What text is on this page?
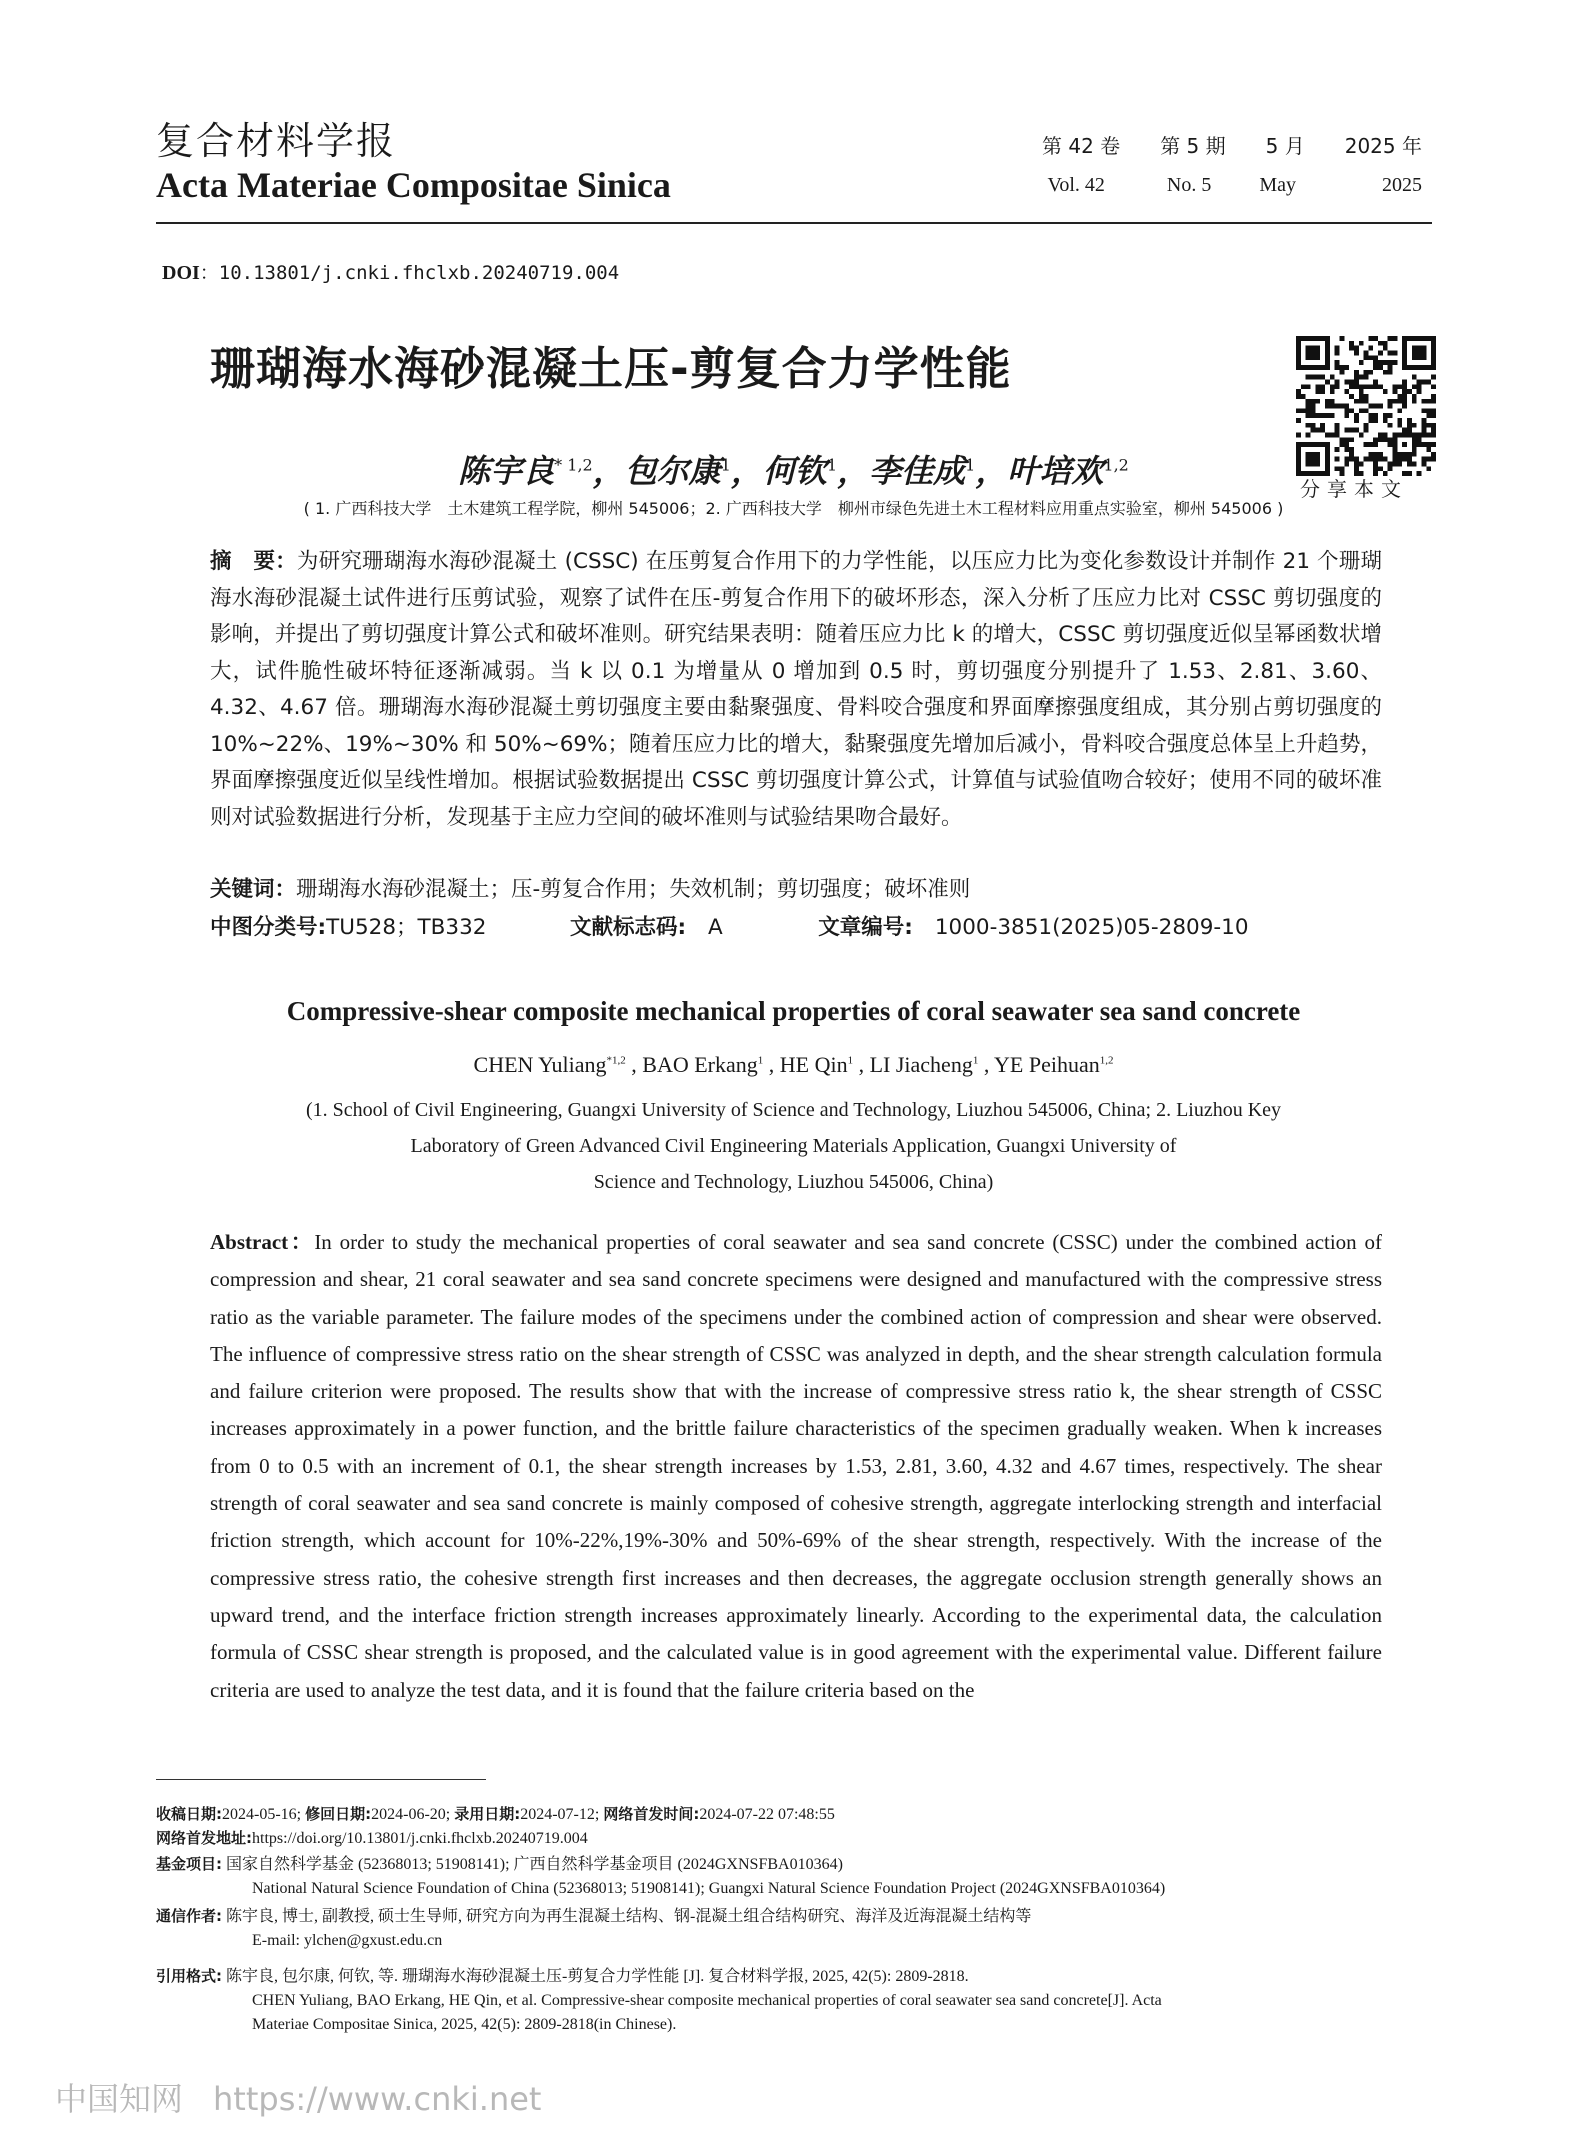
复合材料学报
Acta Materiae Compositae Sinica
第 42 卷 第 5 期 5 月 2025 年
Vol. 42	No. 5 May	2025
DOI：10.13801/j.cnki.fhclxb.20240719.004
珊瑚海水海砂混凝土压-剪复合力学性能
分享本文
陈宇良$^{* 1,2}$，包尔康$^1$，何钦$^1$，李佳成$^1$，叶培欢$^{1,2}$
( 1. 广西科技大学　土木建筑工程学院，柳州 545006；2. 广西科技大学　柳州市绿色先进土木工程材料应用重点实验室，柳州 545006 )
摘　要：为研究珊瑚海水海砂混凝土 (CSSC) 在压剪复合作用下的力学性能，以压应力比为变化参数设计并制作 21 个珊瑚海水海砂混凝土试件进行压剪试验，观察了试件在压-剪复合作用下的破坏形态，深入分析了压应力比对 CSSC 剪切强度的影响，并提出了剪切强度计算公式和破坏准则。研究结果表明：随着压应力比 k 的增大，CSSC 剪切强度近似呈幂函数状增大，试件脆性破坏特征逐渐减弱。当 k 以 0.1 为增量从 0 增加到 0.5 时，剪切强度分别提升了 1.53、2.81、3.60、4.32、4.67 倍。珊瑚海水海砂混凝土剪切强度主要由黏聚强度、骨料咬合强度和界面摩擦强度组成，其分别占剪切强度的 10%~22%、19%~30% 和 50%~69%；随着压应力比的增大，黏聚强度先增加后减小，骨料咬合强度总体呈上升趋势，界面摩擦强度近似呈线性增加。根据试验数据提出 CSSC 剪切强度计算公式，计算值与试验值吻合较好；使用不同的破坏准则对试验数据进行分析，发现基于主应力空间的破坏准则与试验结果吻合最好。
关键词：珊瑚海水海砂混凝土；压-剪复合作用；失效机制；剪切强度；破坏准则
中图分类号:TU528；TB332	文献标志码: A	文章编号: 1000-3851(2025)05-2809-10
Compressive-shear composite mechanical properties of coral seawater sea sand concrete
CHEN Yuliang$^{*1,2}$ , BAO Erkang$^1$ , HE Qin$^1$ , LI Jiacheng$^1$ , YE Peihuan$^{1,2}$
(1. School of Civil Engineering, Guangxi University of Science and Technology, Liuzhou 545006, China; 2. Liuzhou Key
Laboratory of Green Advanced Civil Engineering Materials Application, Guangxi University of
Science and Technology, Liuzhou 545006, China)
Abstract：In order to study the mechanical properties of coral seawater and sea sand concrete (CSSC) under the combined action of compression and shear, 21 coral seawater and sea sand concrete specimens were designed and manufactured with the compressive stress ratio as the variable parameter. The failure modes of the specimens under the combined action of compression and shear were observed. The influence of compressive stress ratio on the shear strength of CSSC was analyzed in depth, and the shear strength calculation formula and failure criterion were proposed. The results show that with the increase of compressive stress ratio k, the shear strength of CSSC increases approximately in a power function, and the brittle failure characteristics of the specimen gradually weaken. When k increases from 0 to 0.5 with an increment of 0.1, the shear strength increases by 1.53, 2.81, 3.60, 4.32 and 4.67 times, respectively. The shear strength of coral seawater and sea sand concrete is mainly composed of cohesive strength, aggregate interlocking strength and interfacial friction strength, which account for 10%-22%,19%-30% and 50%-69% of the shear strength, respectively. With the increase of the compressive stress ratio, the cohesive strength first increases and then decreases, the aggregate occlusion strength generally shows an upward trend, and the interface friction strength increases approximately linearly. According to the experimental data, the calculation formula of CSSC shear strength is proposed, and the calculated value is in good agreement with the experimental value. Different failure criteria are used to analyze the test data, and it is found that the failure criteria based on the
收稿日期:2024-05-16; 修回日期:2024-06-20; 录用日期:2024-07-12; 网络首发时间:2024-07-22 07:48:55
网络首发地址:https://doi.org/10.13801/j.cnki.fhclxb.20240719.004
基金项目: 国家自然科学基金 (52368013; 51908141); 广西自然科学基金项目 (2024GXNSFBA010364)
National Natural Science Foundation of China (52368013; 51908141); Guangxi Natural Science Foundation Project (2024GXNSFBA010364)
通信作者: 陈宇良, 博士, 副教授, 硕士生导师, 研究方向为再生混凝土结构、钢-混凝土组合结构研究、海洋及近海混凝土结构等
E-mail: ylchen@gxust.edu.cn
引用格式: 陈宇良, 包尔康, 何钦, 等. 珊瑚海水海砂混凝土压-剪复合力学性能 [J]. 复合材料学报, 2025, 42(5): 2809-2818.
CHEN Yuliang, BAO Erkang, HE Qin, et al. Compressive-shear composite mechanical properties of coral seawater sea sand concrete[J]. Acta
Materiae Compositae Sinica, 2025, 42(5): 2809-2818(in Chinese).
中国知网 https://www.cnki.net
